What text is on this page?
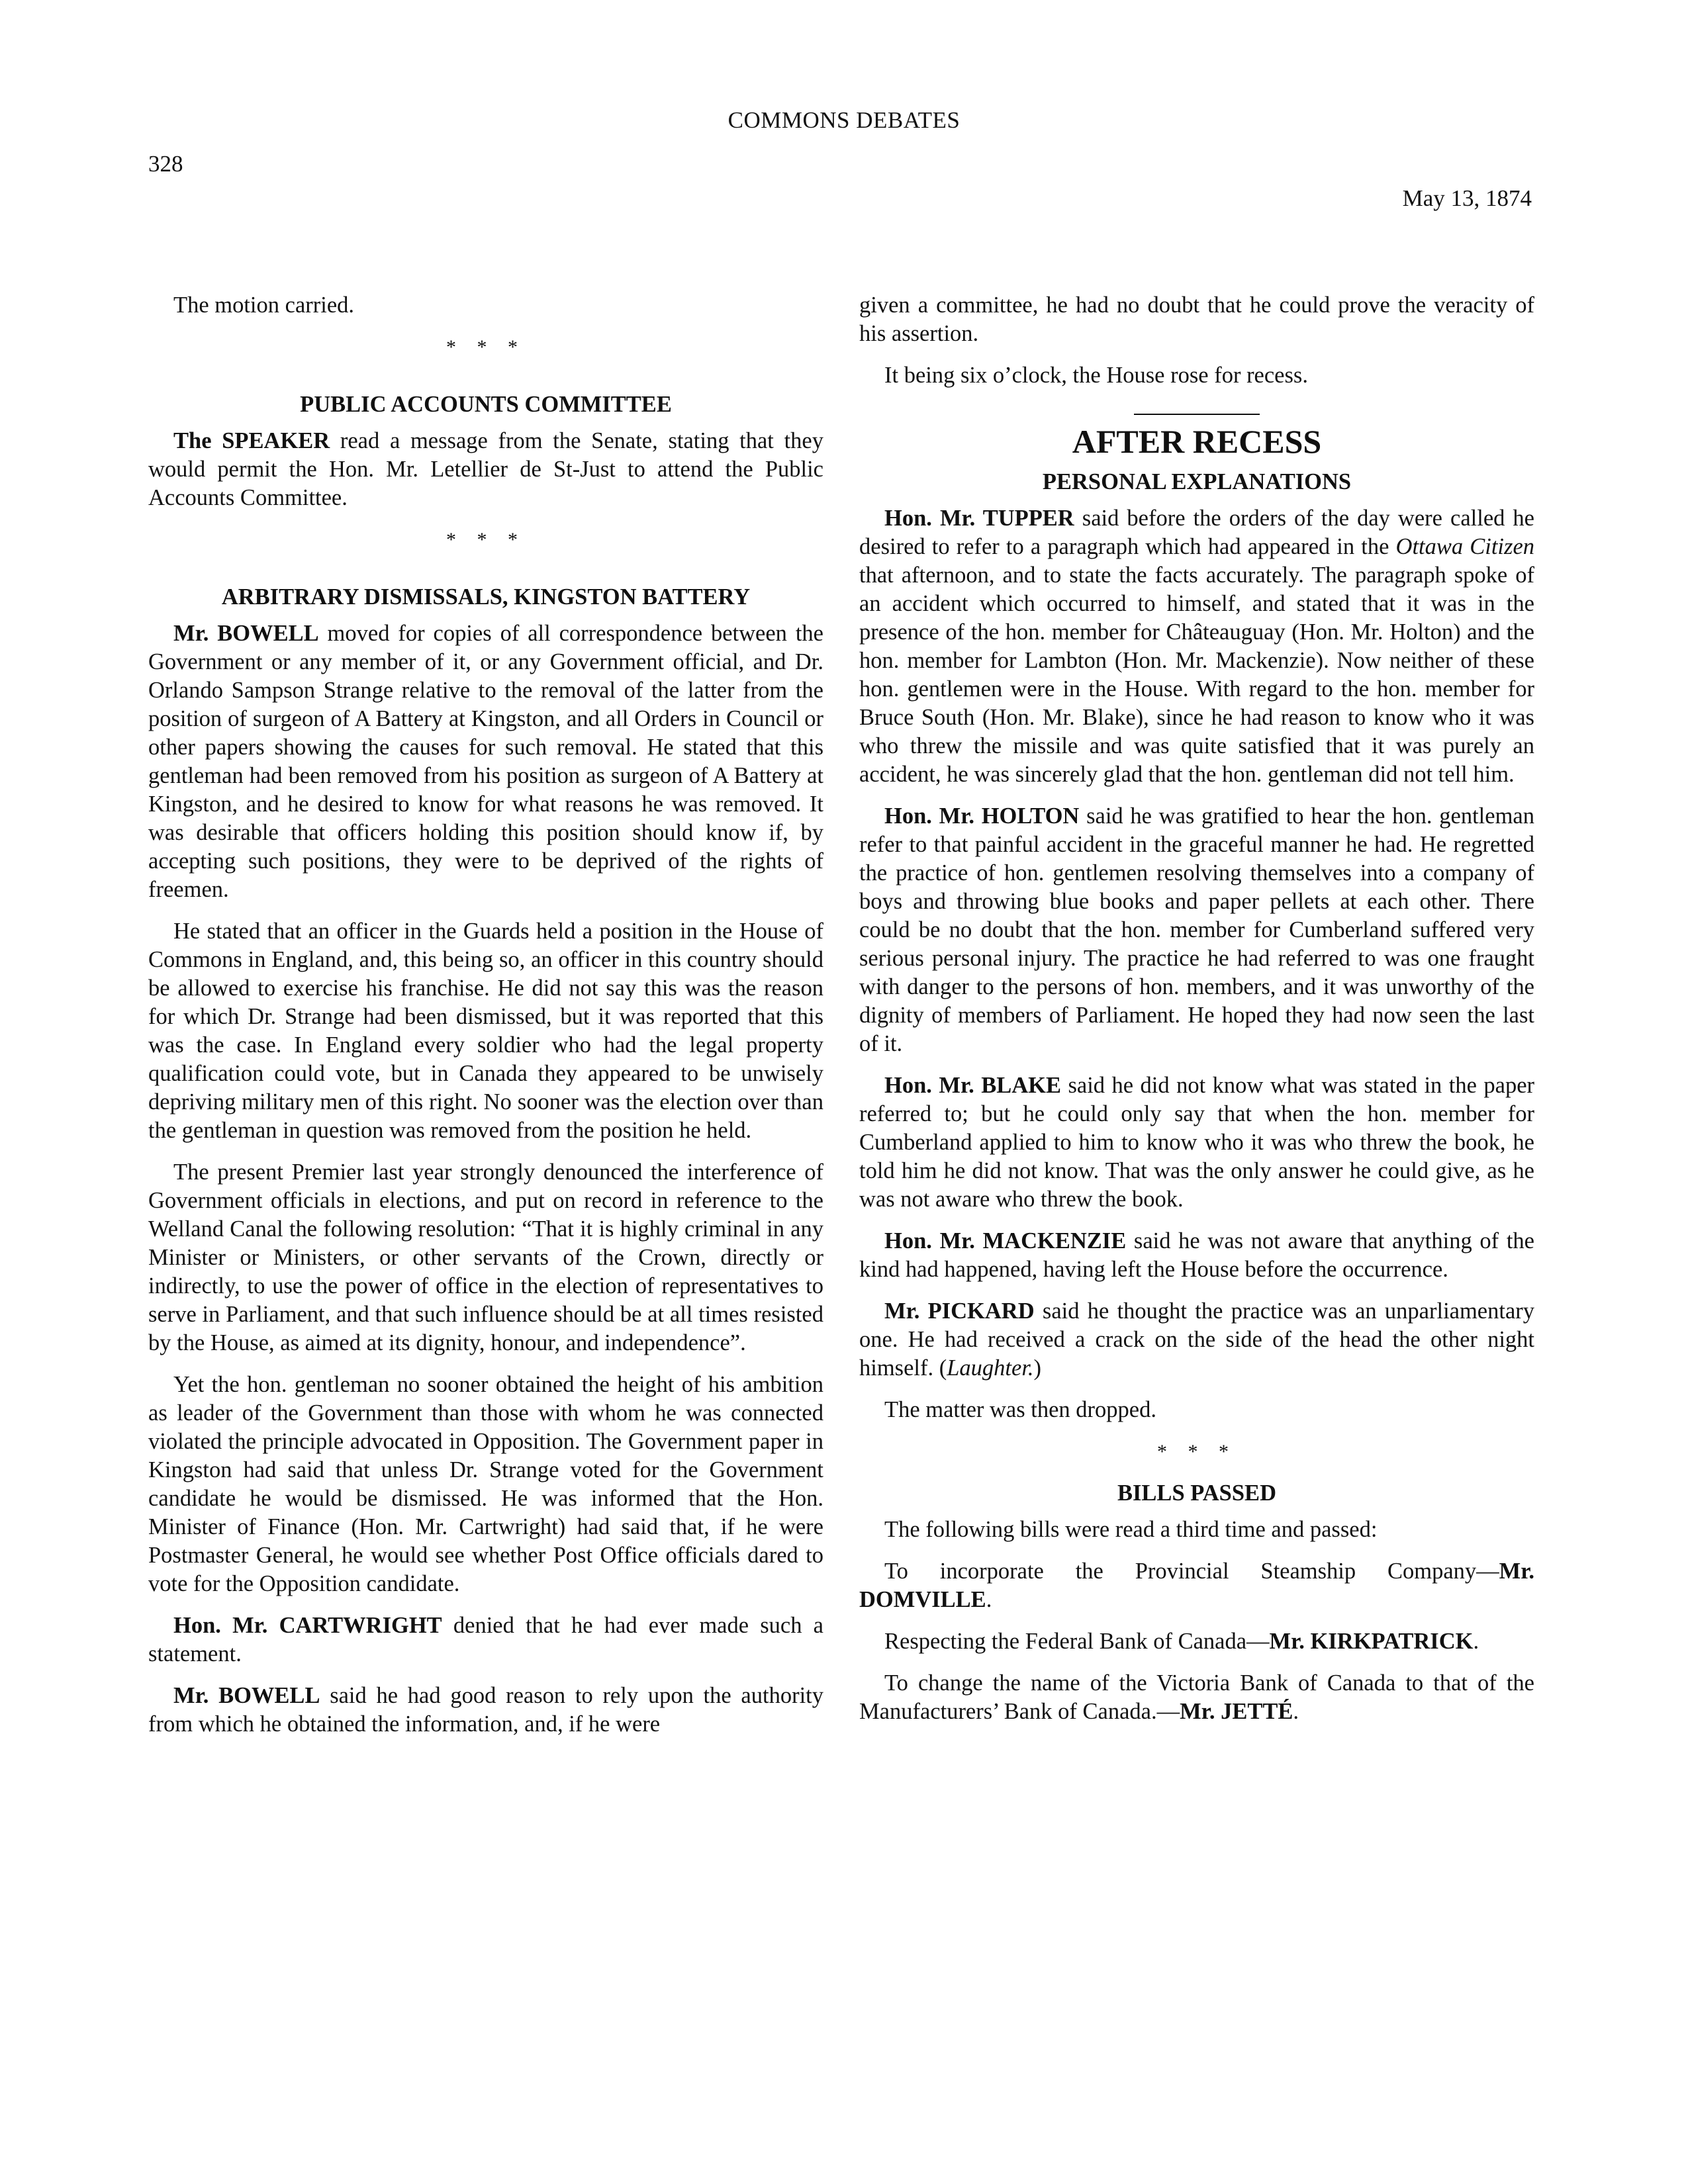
COMMONS DEBATES
328
May 13, 1874

The motion carried.

* * *

PUBLIC ACCOUNTS COMMITTEE

The SPEAKER read a message from the Senate, stating that they would permit the Hon. Mr. Letellier de St-Just to attend the Public Accounts Committee.

* * *

ARBITRARY DISMISSALS, KINGSTON BATTERY

Mr. BOWELL moved for copies of all correspondence between the Government or any member of it, or any Government official, and Dr. Orlando Sampson Strange relative to the removal of the latter from the position of surgeon of A Battery at Kingston, and all Orders in Council or other papers showing the causes for such removal. He stated that this gentleman had been removed from his position as surgeon of A Battery at Kingston, and he desired to know for what reasons he was removed. It was desirable that officers holding this position should know if, by accepting such positions, they were to be deprived of the rights of freemen.

He stated that an officer in the Guards held a position in the House of Commons in England, and, this being so, an officer in this country should be allowed to exercise his franchise. He did not say this was the reason for which Dr. Strange had been dismissed, but it was reported that this was the case. In England every soldier who had the legal property qualification could vote, but in Canada they appeared to be unwisely depriving military men of this right. No sooner was the election over than the gentleman in question was removed from the position he held.

The present Premier last year strongly denounced the interference of Government officials in elections, and put on record in reference to the Welland Canal the following resolution: “That it is highly criminal in any Minister or Ministers, or other servants of the Crown, directly or indirectly, to use the power of office in the election of representatives to serve in Parliament, and that such influence should be at all times resisted by the House, as aimed at its dignity, honour, and independence”.

Yet the hon. gentleman no sooner obtained the height of his ambition as leader of the Government than those with whom he was connected violated the principle advocated in Opposition. The Government paper in Kingston had said that unless Dr. Strange voted for the Government candidate he would be dismissed. He was informed that the Hon. Minister of Finance (Hon. Mr. Cartwright) had said that, if he were Postmaster General, he would see whether Post Office officials dared to vote for the Opposition candidate.

Hon. Mr. CARTWRIGHT denied that he had ever made such a statement.

Mr. BOWELL said he had good reason to rely upon the authority from which he obtained the information, and, if he were

given a committee, he had no doubt that he could prove the veracity of his assertion.

It being six o’clock, the House rose for recess.

AFTER RECESS

PERSONAL EXPLANATIONS

Hon. Mr. TUPPER said before the orders of the day were called he desired to refer to a paragraph which had appeared in the Ottawa Citizen that afternoon, and to state the facts accurately. The paragraph spoke of an accident which occurred to himself, and stated that it was in the presence of the hon. member for Châteauguay (Hon. Mr. Holton) and the hon. member for Lambton (Hon. Mr. Mackenzie). Now neither of these hon. gentlemen were in the House. With regard to the hon. member for Bruce South (Hon. Mr. Blake), since he had reason to know who it was who threw the missile and was quite satisfied that it was purely an accident, he was sincerely glad that the hon. gentleman did not tell him.

Hon. Mr. HOLTON said he was gratified to hear the hon. gentleman refer to that painful accident in the graceful manner he had. He regretted the practice of hon. gentlemen resolving themselves into a company of boys and throwing blue books and paper pellets at each other. There could be no doubt that the hon. member for Cumberland suffered very serious personal injury. The practice he had referred to was one fraught with danger to the persons of hon. members, and it was unworthy of the dignity of members of Parliament. He hoped they had now seen the last of it.

Hon. Mr. BLAKE said he did not know what was stated in the paper referred to; but he could only say that when the hon. member for Cumberland applied to him to know who it was who threw the book, he told him he did not know. That was the only answer he could give, as he was not aware who threw the book.

Hon. Mr. MACKENZIE said he was not aware that anything of the kind had happened, having left the House before the occurrence.

Mr. PICKARD said he thought the practice was an unparliamentary one. He had received a crack on the side of the head the other night himself. (Laughter.)

The matter was then dropped.

* * *

BILLS PASSED

The following bills were read a third time and passed:

To incorporate the Provincial Steamship Company—Mr. DOMVILLE.

Respecting the Federal Bank of Canada—Mr. KIRKPATRICK.

To change the name of the Victoria Bank of Canada to that of the Manufacturers’ Bank of Canada.—Mr. JETTÉ.
